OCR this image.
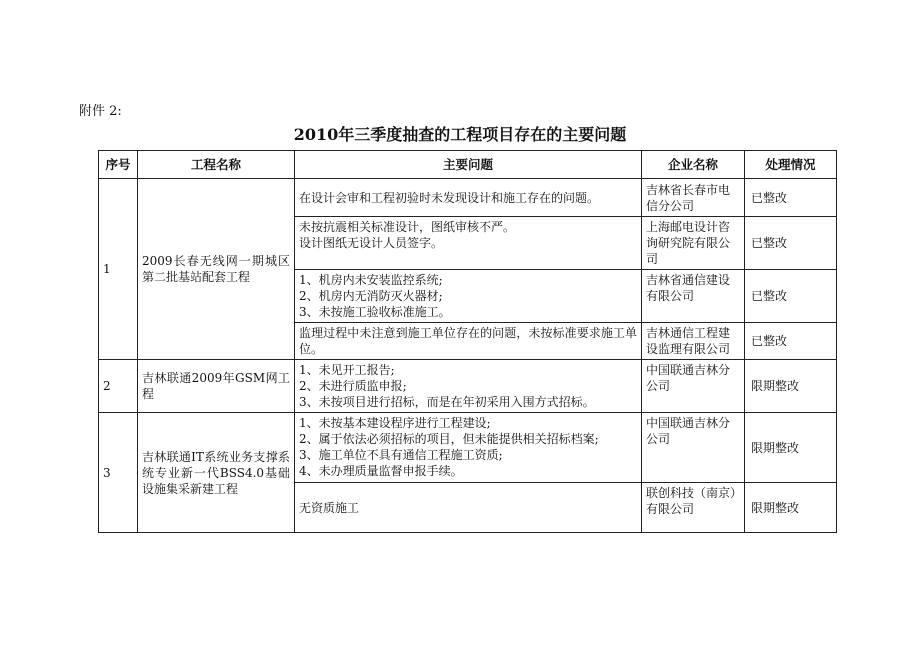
附件 2:
2010年三季度抽查的工程项目存在的主要问题
序号	工程名称	主要问题	企业名称	处理情况
1	2009长春无线网一期城区第二批基站配套工程	在设计会审和工程初验时未发现设计和施工存在的问题。	吉林省长春市电信分公司	已整改

		未按抗震相关标准设计，图纸审核不严。
设计图纸无设计人员签字。	上海邮电设计咨询研究院有限公司	已整改

		1、机房内未安装监控系统;
2、机房内无消防灭火器材;
3、未按施工验收标准施工。	吉林省通信建设有限公司	已整改
		监理过程中未注意到施工单位存在的问题，未按标准要求施工单位。	吉林通信工程建设监理有限公司	已整改
2	吉林联通2009年GSM网工程	1、未见开工报告;
2、未进行质监申报;
3、未按项目进行招标，而是在年初采用入围方式招标。	中国联通吉林分公司	限期整改
3	吉林联通IT系统业务支撑系统专业新一代BSS4.0基础设施集采新建工程	1、未按基本建设程序进行工程建设;
2、属于依法必须招标的项目，但未能提供相关招标档案;
3、施工单位不具有通信工程施工资质;
4、未办理质量监督申报手续。	中国联通吉林分公司	限期整改

		无资质施工	联创科技（南京）有限公司	限期整改
